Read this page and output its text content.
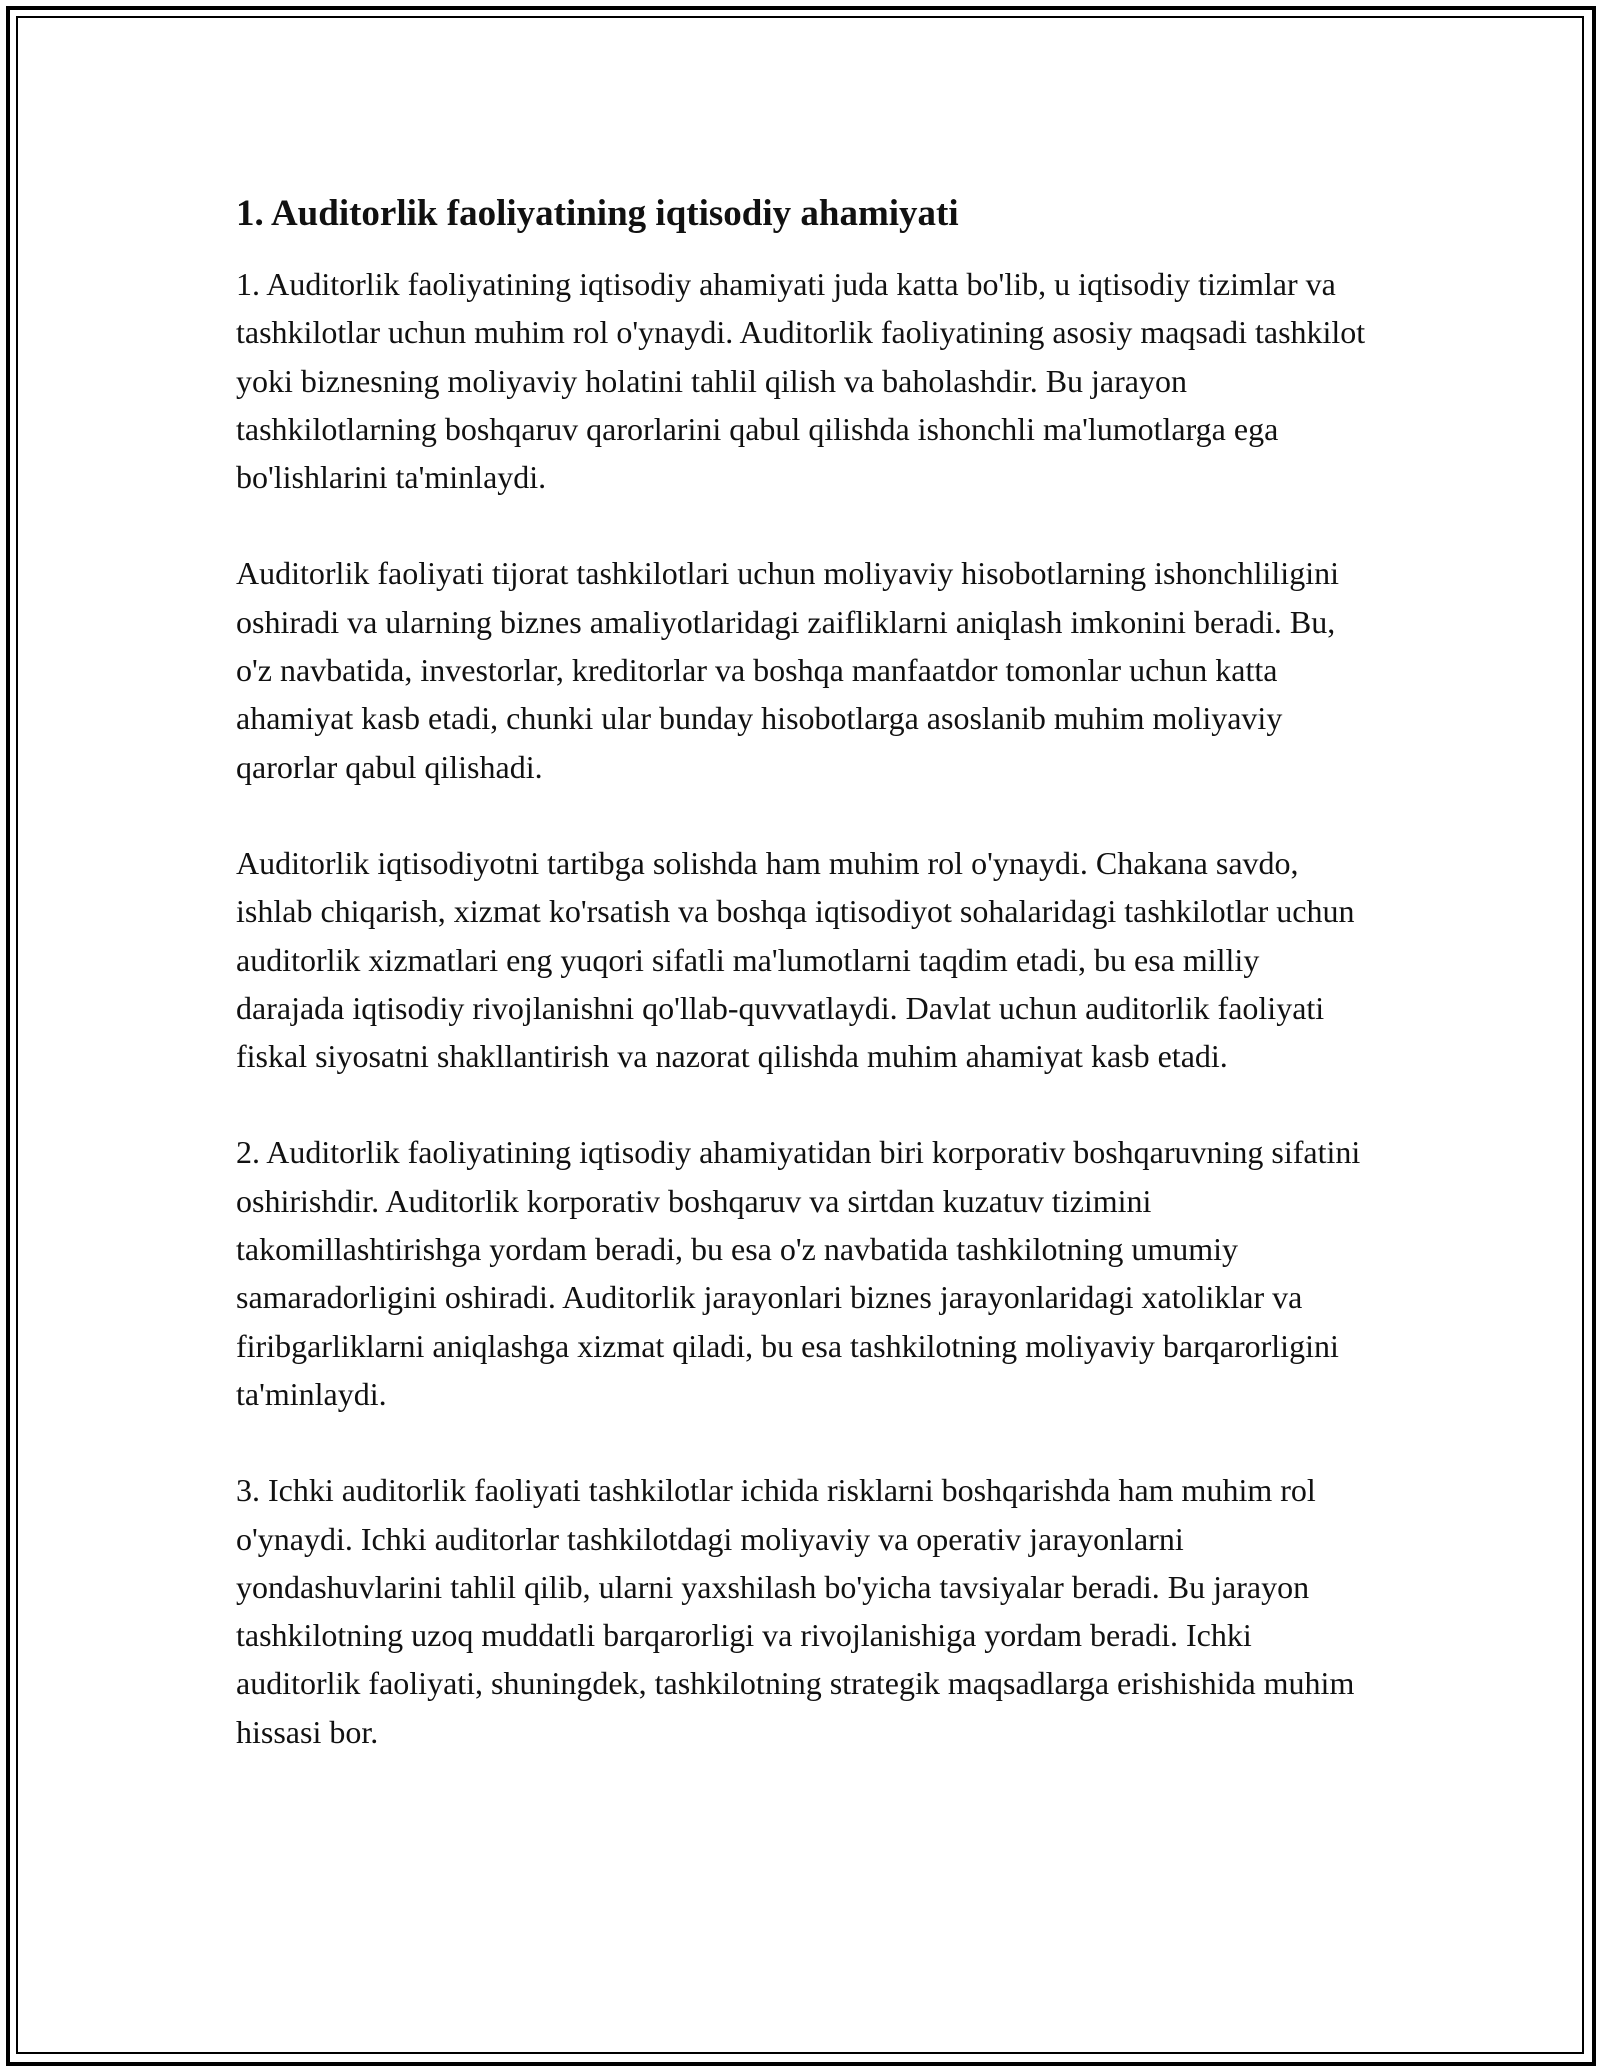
1. Auditorlik faoliyatining iqtisodiy ahamiyati

1. Auditorlik faoliyatining iqtisodiy ahamiyati juda katta bo'lib, u iqtisodiy tizimlar va tashkilotlar uchun muhim rol o'ynaydi. Auditorlik faoliyatining asosiy maqsadi tashkilot yoki biznesning moliyaviy holatini tahlil qilish va baholashdir. Bu jarayon tashkilotlarning boshqaruv qarorlarini qabul qilishda ishonchli ma'lumotlarga ega bo'lishlarini ta'minlaydi.

Auditorlik faoliyati tijorat tashkilotlari uchun moliyaviy hisobotlarning ishonchliligini oshiradi va ularning biznes amaliyotlaridagi zaifliklarni aniqlash imkonini beradi. Bu, o'z navbatida, investorlar, kreditorlar va boshqa manfaatdor tomonlar uchun katta ahamiyat kasb etadi, chunki ular bunday hisobotlarga asoslanib muhim moliyaviy qarorlar qabul qilishadi.

Auditorlik iqtisodiyotni tartibga solishda ham muhim rol o'ynaydi. Chakana savdo, ishlab chiqarish, xizmat ko'rsatish va boshqa iqtisodiyot sohalaridagi tashkilotlar uchun auditorlik xizmatlari eng yuqori sifatli ma'lumotlarni taqdim etadi, bu esa milliy darajada iqtisodiy rivojlanishni qo'llab-quvvatlaydi. Davlat uchun auditorlik faoliyati fiskal siyosatni shakllantirish va nazorat qilishda muhim ahamiyat kasb etadi.

2. Auditorlik faoliyatining iqtisodiy ahamiyatidan biri korporativ boshqaruvning sifatini oshirishdir. Auditorlik korporativ boshqaruv va sirtdan kuzatuv tizimini takomillashtirishga yordam beradi, bu esa o'z navbatida tashkilotning umumiy samaradorligini oshiradi. Auditorlik jarayonlari biznes jarayonlaridagi xatoliklar va firibgarliklarni aniqlashga xizmat qiladi, bu esa tashkilotning moliyaviy barqarorligini ta'minlaydi.

3. Ichki auditorlik faoliyati tashkilotlar ichida risklarni boshqarishda ham muhim rol o'ynaydi. Ichki auditorlar tashkilotdagi moliyaviy va operativ jarayonlarni yondashuvlarini tahlil qilib, ularni yaxshilash bo'yicha tavsiyalar beradi. Bu jarayon tashkilotning uzoq muddatli barqarorligi va rivojlanishiga yordam beradi. Ichki auditorlik faoliyati, shuningdek, tashkilotning strategik maqsadlarga erishishida muhim hissasi bor.
